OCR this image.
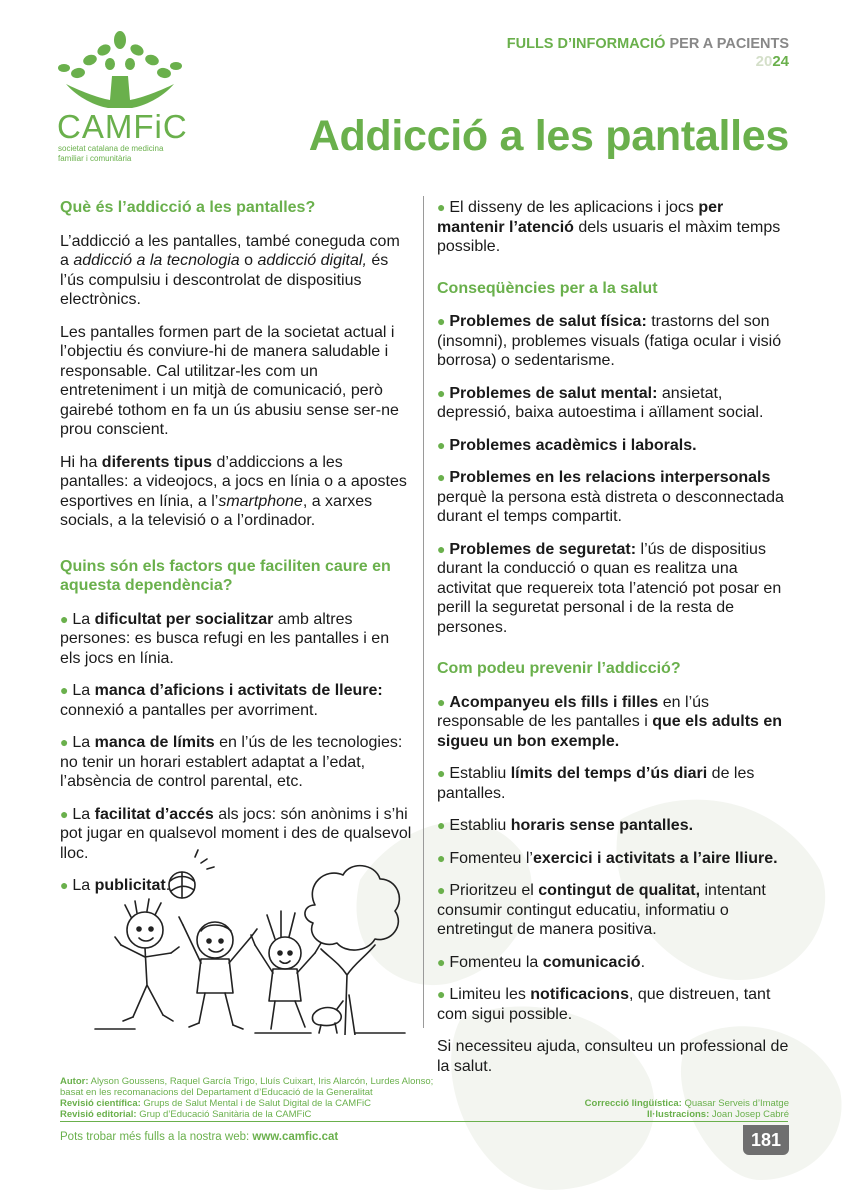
CAMFiC
societat catalana de medicina
familiar i comunitària
FULLS D’INFORMACIÓ PER A PACIENTS
2024
Addicció a les pantalles
Què és l’addicció a les pantalles?

L’addicció a les pantalles, també coneguda com a addicció a la tecnologia o addicció digital, és l’ús compulsiu i descontrolat de dispositius electrònics.

Les pantalles formen part de la societat actual i l’objectiu és conviure-hi de manera saludable i responsable. Cal utilitzar-les com un entreteniment i un mitjà de comunicació, però gairebé tothom en fa un ús abusiu sense ser-ne prou conscient.

Hi ha diferents tipus d’addiccions a les pantalles: a videojocs, a jocs en línia o a apostes esportives en línia, a l’smartphone, a xarxes socials, a la televisió o a l’ordinador.

Quins són els factors que faciliten caure en aquesta dependència?

● La dificultat per socialitzar amb altres persones: es busca refugi en les pantalles i en els jocs en línia.

● La manca d’aficions i activitats de lleure: connexió a pantalles per avorriment.

● La manca de límits en l’ús de les tecnologies: no tenir un horari establert adaptat a l’edat, l’absència de control parental, etc.

● La facilitat d’accés als jocs: són anònims i s’hi pot jugar en qualsevol moment i des de qualsevol lloc.

● La publicitat.

● El disseny de les aplicacions i jocs per mantenir l’atenció dels usuaris el màxim temps possible.

Conseqüències per a la salut

● Problemes de salut física: trastorns del son (insomni), problemes visuals (fatiga ocular i visió borrosa) o sedentarisme.

● Problemes de salut mental: ansietat, depressió, baixa autoestima i aïllament social.

● Problemes acadèmics i laborals.

● Problemes en les relacions interpersonals perquè la persona està distreta o desconnectada durant el temps compartit.

● Problemes de seguretat: l’ús de dispositius durant la conducció o quan es realitza una activitat que requereix tota l’atenció pot posar en perill la seguretat personal i de la resta de persones.

Com podeu prevenir l’addicció?

● Acompanyeu els fills i filles en l’ús responsable de les pantalles i que els adults en sigueu un bon exemple.

● Establiu límits del temps d’ús diari de les pantalles.

● Establiu horaris sense pantalles.

● Fomenteu l’exercici i activitats a l’aire lliure.

● Prioritzeu el contingut de qualitat, intentant consumir contingut educatiu, informatiu o entretingut de manera positiva.

● Fomenteu la comunicació.

● Limiteu les notificacions, que distreuen, tant com sigui possible.

Si necessiteu ajuda, consulteu un professional de la salut.

Autor: Alyson Goussens, Raquel García Trigo, Lluís Cuixart, Iris Alarcón, Lurdes Alonso;
basat en les recomanacions del Departament d’Educació de la Generalitat
Revisió científica: Grups de Salut Mental i de Salut Digital de la CAMFiC
Revisió editorial: Grup d’Educació Sanitària de la CAMFiC
Correcció lingüística: Quasar Serveis d’Imatge
Il·lustracions: Joan Josep Cabré
Pots trobar més fulls a la nostra web: www.camfic.cat	181
